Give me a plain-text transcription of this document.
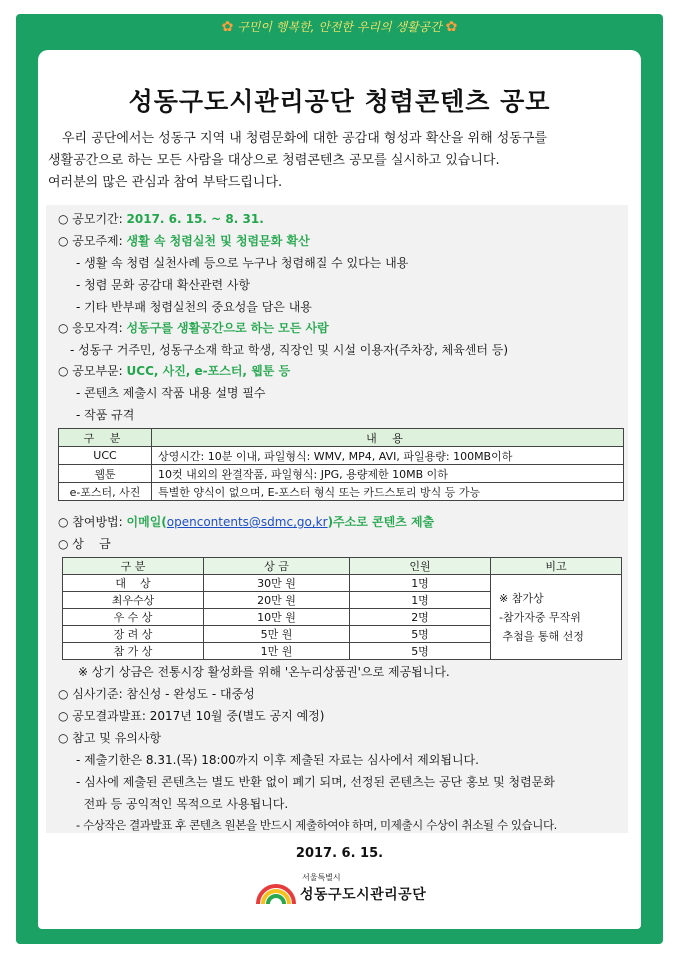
✿ 구민이 행복한, 안전한 우리의 생활공간 ✿
성동구도시관리공단 청렴콘텐츠 공모

우리 공단에서는 성동구 지역 내 청렴문화에 대한 공감대 형성과 확산을 위해 성동구를

생활공간으로 하는 모든 사람을 대상으로 청렴콘텐츠 공모를 실시하고 있습니다.

여러분의 많은 관심과 참여 부탁드립니다.

○ 공모기간: 2017. 6. 15. ~ 8. 31.
○ 공모주제: 생활 속 청렴실천 및 청렴문화 확산
- 생활 속 청렴 실천사례 등으로 누구나 청렴해질 수 있다는 내용
- 청렴 문화 공감대 확산관련 사항
- 기타 반부패 청렴실천의 중요성을 담은 내용
○ 응모자격: 성동구를 생활공간으로 하는 모든 사람
- 성동구 거주민, 성동구소재 학교 학생, 직장인 및 시설 이용자(주차장, 체육센터 등)
○ 공모부문: UCC, 사진, e-포스터, 웹툰 등
- 콘텐츠 제출시 작품 내용 설명 필수
- 작품 규격
구 분	내 용
UCC	상영시간: 10분 이내, 파일형식: WMV, MP4, AVI, 파일용량: 100MB이하
웹툰	10컷 내외의 완결작품, 파일형식: JPG, 용량제한 10MB 이하
e-포스터, 사진	특별한 양식이 없으며, E-포스터 형식 또는 카드스토리 방식 등 가능
○ 참여방법: 이메일(opencontents@sdmc,go,kr)주소로 콘텐츠 제출
○ 상    금
구 분	상 금	인원	비고
대    상	30만 원	1명	※ 참가상
-참가자중 무작위
추첨을 통해 선정

최우수상	20만 원	1명	
우 수 상	10만 원	2명	
장 려 상	5만 원	5명	
참 가 상	1만 원	5명	
※ 상기 상금은 전통시장 활성화를 위해 '온누리상품권'으로 제공됩니다.
○ 심사기준: 참신성 - 완성도 - 대중성
○ 공모결과발표: 2017년 10월 중(별도 공지 예정)
○ 참고 및 유의사항
- 제출기한은 8.31.(목) 18:00까지 이후 제출된 자료는 심사에서 제외됩니다.
- 심사에 제출된 콘텐츠는 별도 반환 없이 폐기 되며, 선정된 콘텐츠는 공단 홍보 및 청렴문화
전파 등 공익적인 목적으로 사용됩니다.
- 수상작은 결과발표 후 콘텐츠 원본을 반드시 제출하여야 하며, 미제출시 수상이 취소될 수 있습니다.
2017. 6. 15.
서울특별시
성동구도시관리공단
